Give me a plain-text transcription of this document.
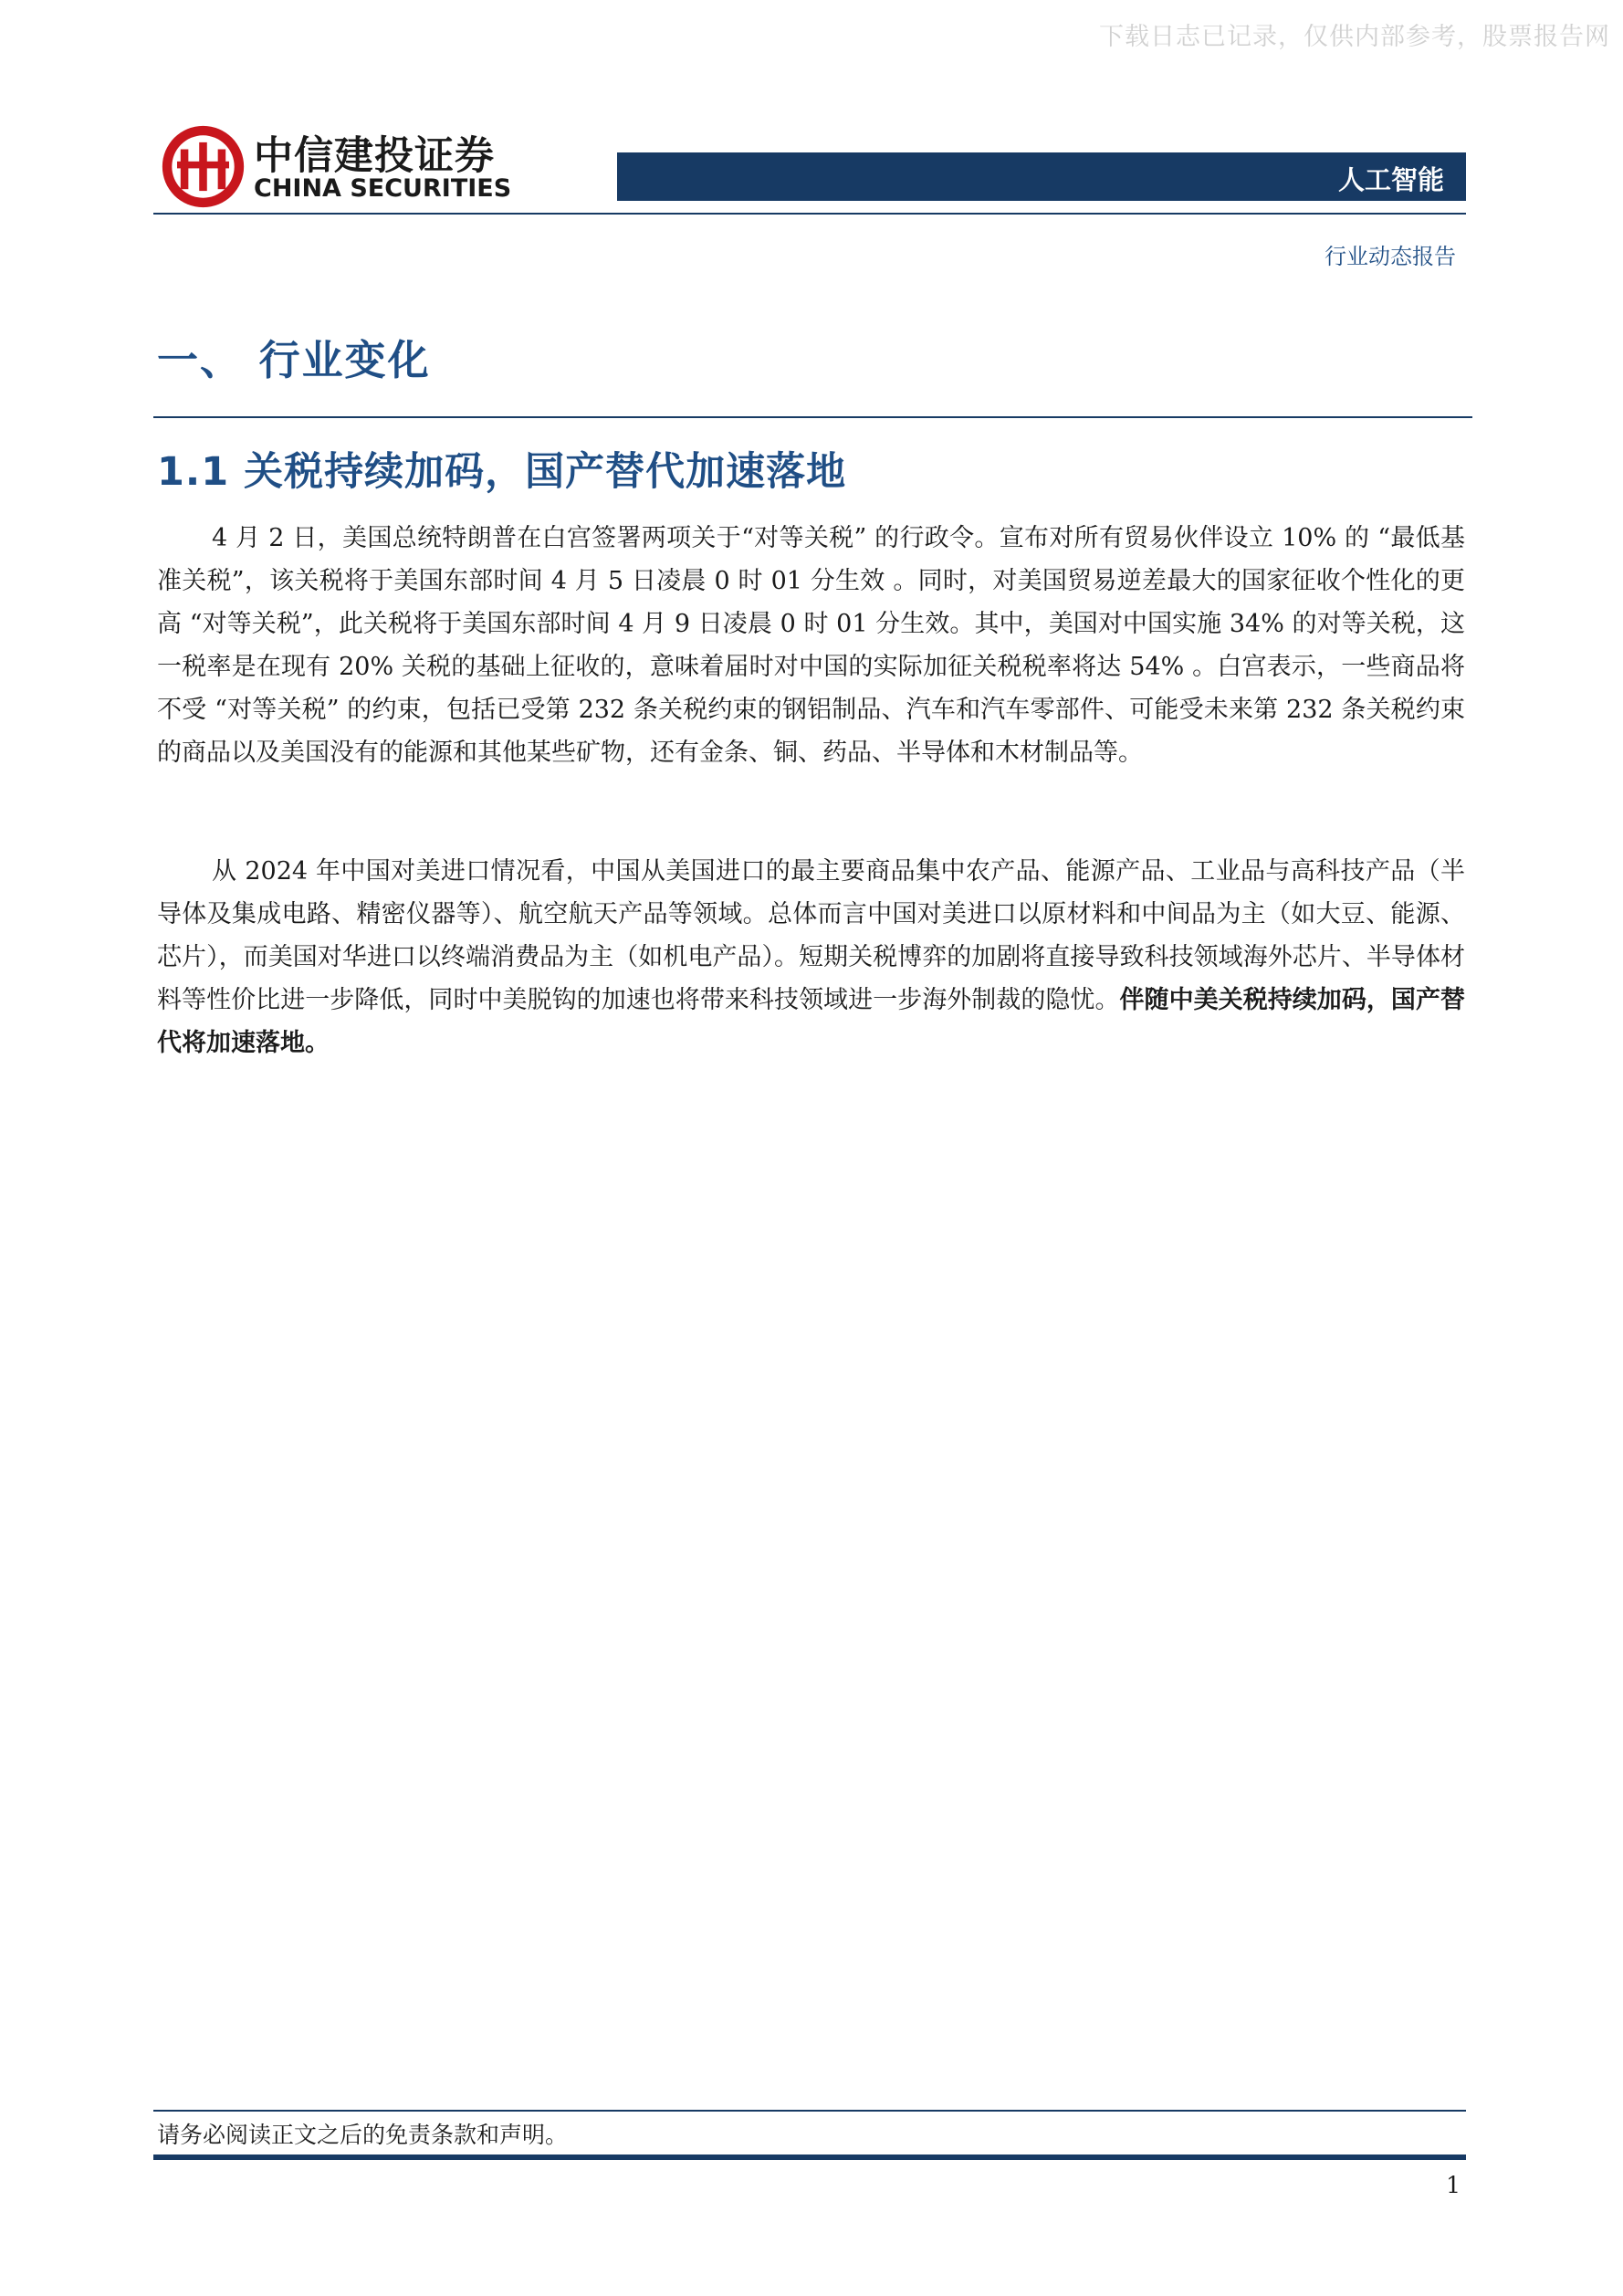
下载日志已记录，仅供内部参考，股票报告网
中信建投证券
CHINA SECURITIES	人工智能
行业动态报告
一、 行业变化
1.1 关税持续加码，国产替代加速落地

4 月 2 日，美国总统特朗普在白宫签署两项关于“对等关税” 的行政令。宣布对所有贸易伙伴设立 10% 的 “最低基准关税”，该关税将于美国东部时间 4 月 5 日凌晨 0 时 01 分生效 。同时，对美国贸易逆差最大的国家征收个性化的更高 “对等关税”，此关税将于美国东部时间 4 月 9 日凌晨 0 时 01 分生效。其中，美国对中国实施 34% 的对等关税，这一税率是在现有 20% 关税的基础上征收的，意味着届时对中国的实际加征关税税率将达 54% 。白宫表示，一些商品将不受 “对等关税” 的约束，包括已受第 232 条关税约束的钢铝制品、汽车和汽车零部件、可能受未来第 232 条关税约束的商品以及美国没有的能源和其他某些矿物，还有金条、铜、药品、半导体和木材制品等。

从 2024 年中国对美进口情况看，中国从美国进口的最主要商品集中农产品、能源产品、工业品与高科技产品（半导体及集成电路、精密仪器等）、航空航天产品等领域。总体而言中国对美进口以原材料和中间品为主（如大豆、能源、芯片），而美国对华进口以终端消费品为主（如机电产品）。短期关税博弈的加剧将直接导致科技领域海外芯片、半导体材料等性价比进一步降低，同时中美脱钩的加速也将带来科技领域进一步海外制裁的隐忧。伴随中美关税持续加码，国产替代将加速落地。

请务必阅读正文之后的免责条款和声明。
1
